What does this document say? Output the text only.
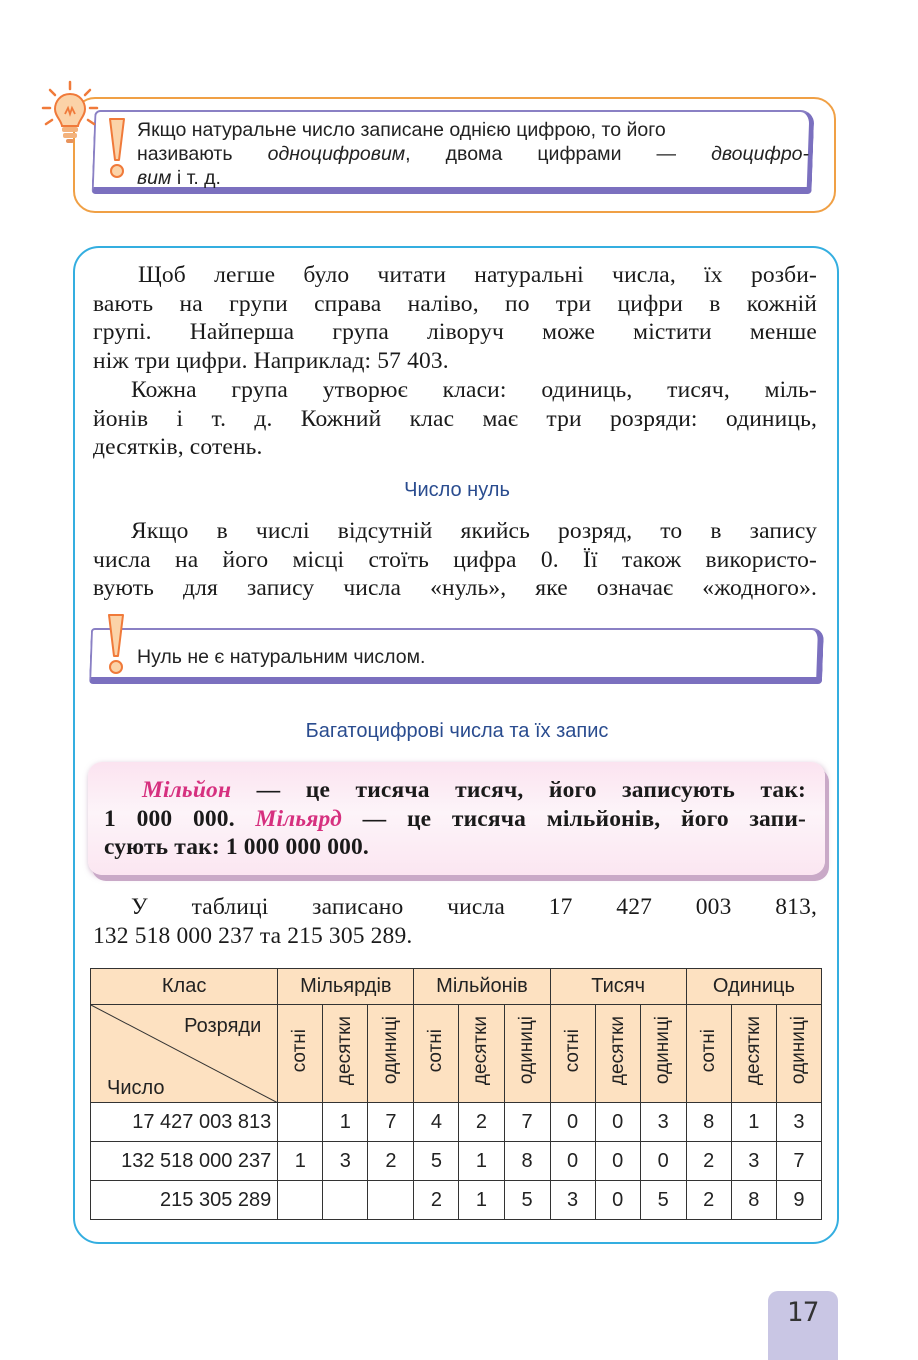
Якщо натуральне число записане однією цифрою, то його
називають одноцифровим, двома цифрами — двоцифро-
вим і т. д.
Щоб легше було читати натуральні числа, їх розби-
вають на групи справа наліво, по три цифри в кожній
групі. Найперша група ліворуч може містити менше
ніж три цифри. Наприклад: 57 403.
Кожна група утворює класи: одиниць, тисяч, міль-
йонів і т. д. Кожний клас має три розряди: одиниць,
десятків, сотень.
Число нуль
Якщо в числі відсутній якийсь розряд, то в запису
числа на його місці стоїть цифра 0. Її також використо-
вують для запису числа «нуль», яке означає «жодного».
Нуль не є натуральним числом.
Багатоцифрові числа та їх запис
Мільйон — це тисяча тисяч, його записують так:
1 000 000. Мільярд — це тисяча мільйонів, його запи-
сують так: 1 000 000 000.
У таблиці записано числа 17 427 003 813,
132 518 000 237 та 215 305 289.
Клас	Мільярдів			Мільйонів			Тисяч			Одиниць		

Розряди
Число	сотні	десятки	одиниці	сотні	десятки	одиниці	сотні	десятки	одиниці	сотні	десятки	одиниці
17 427 003 813		1	7	4	2	7	0	0	3	8	1	3
132 518 000 237	1	3	2	5	1	8	0	0	0	2	3	7
215 305 289				2	1	5	3	0	5	2	8	9
17
